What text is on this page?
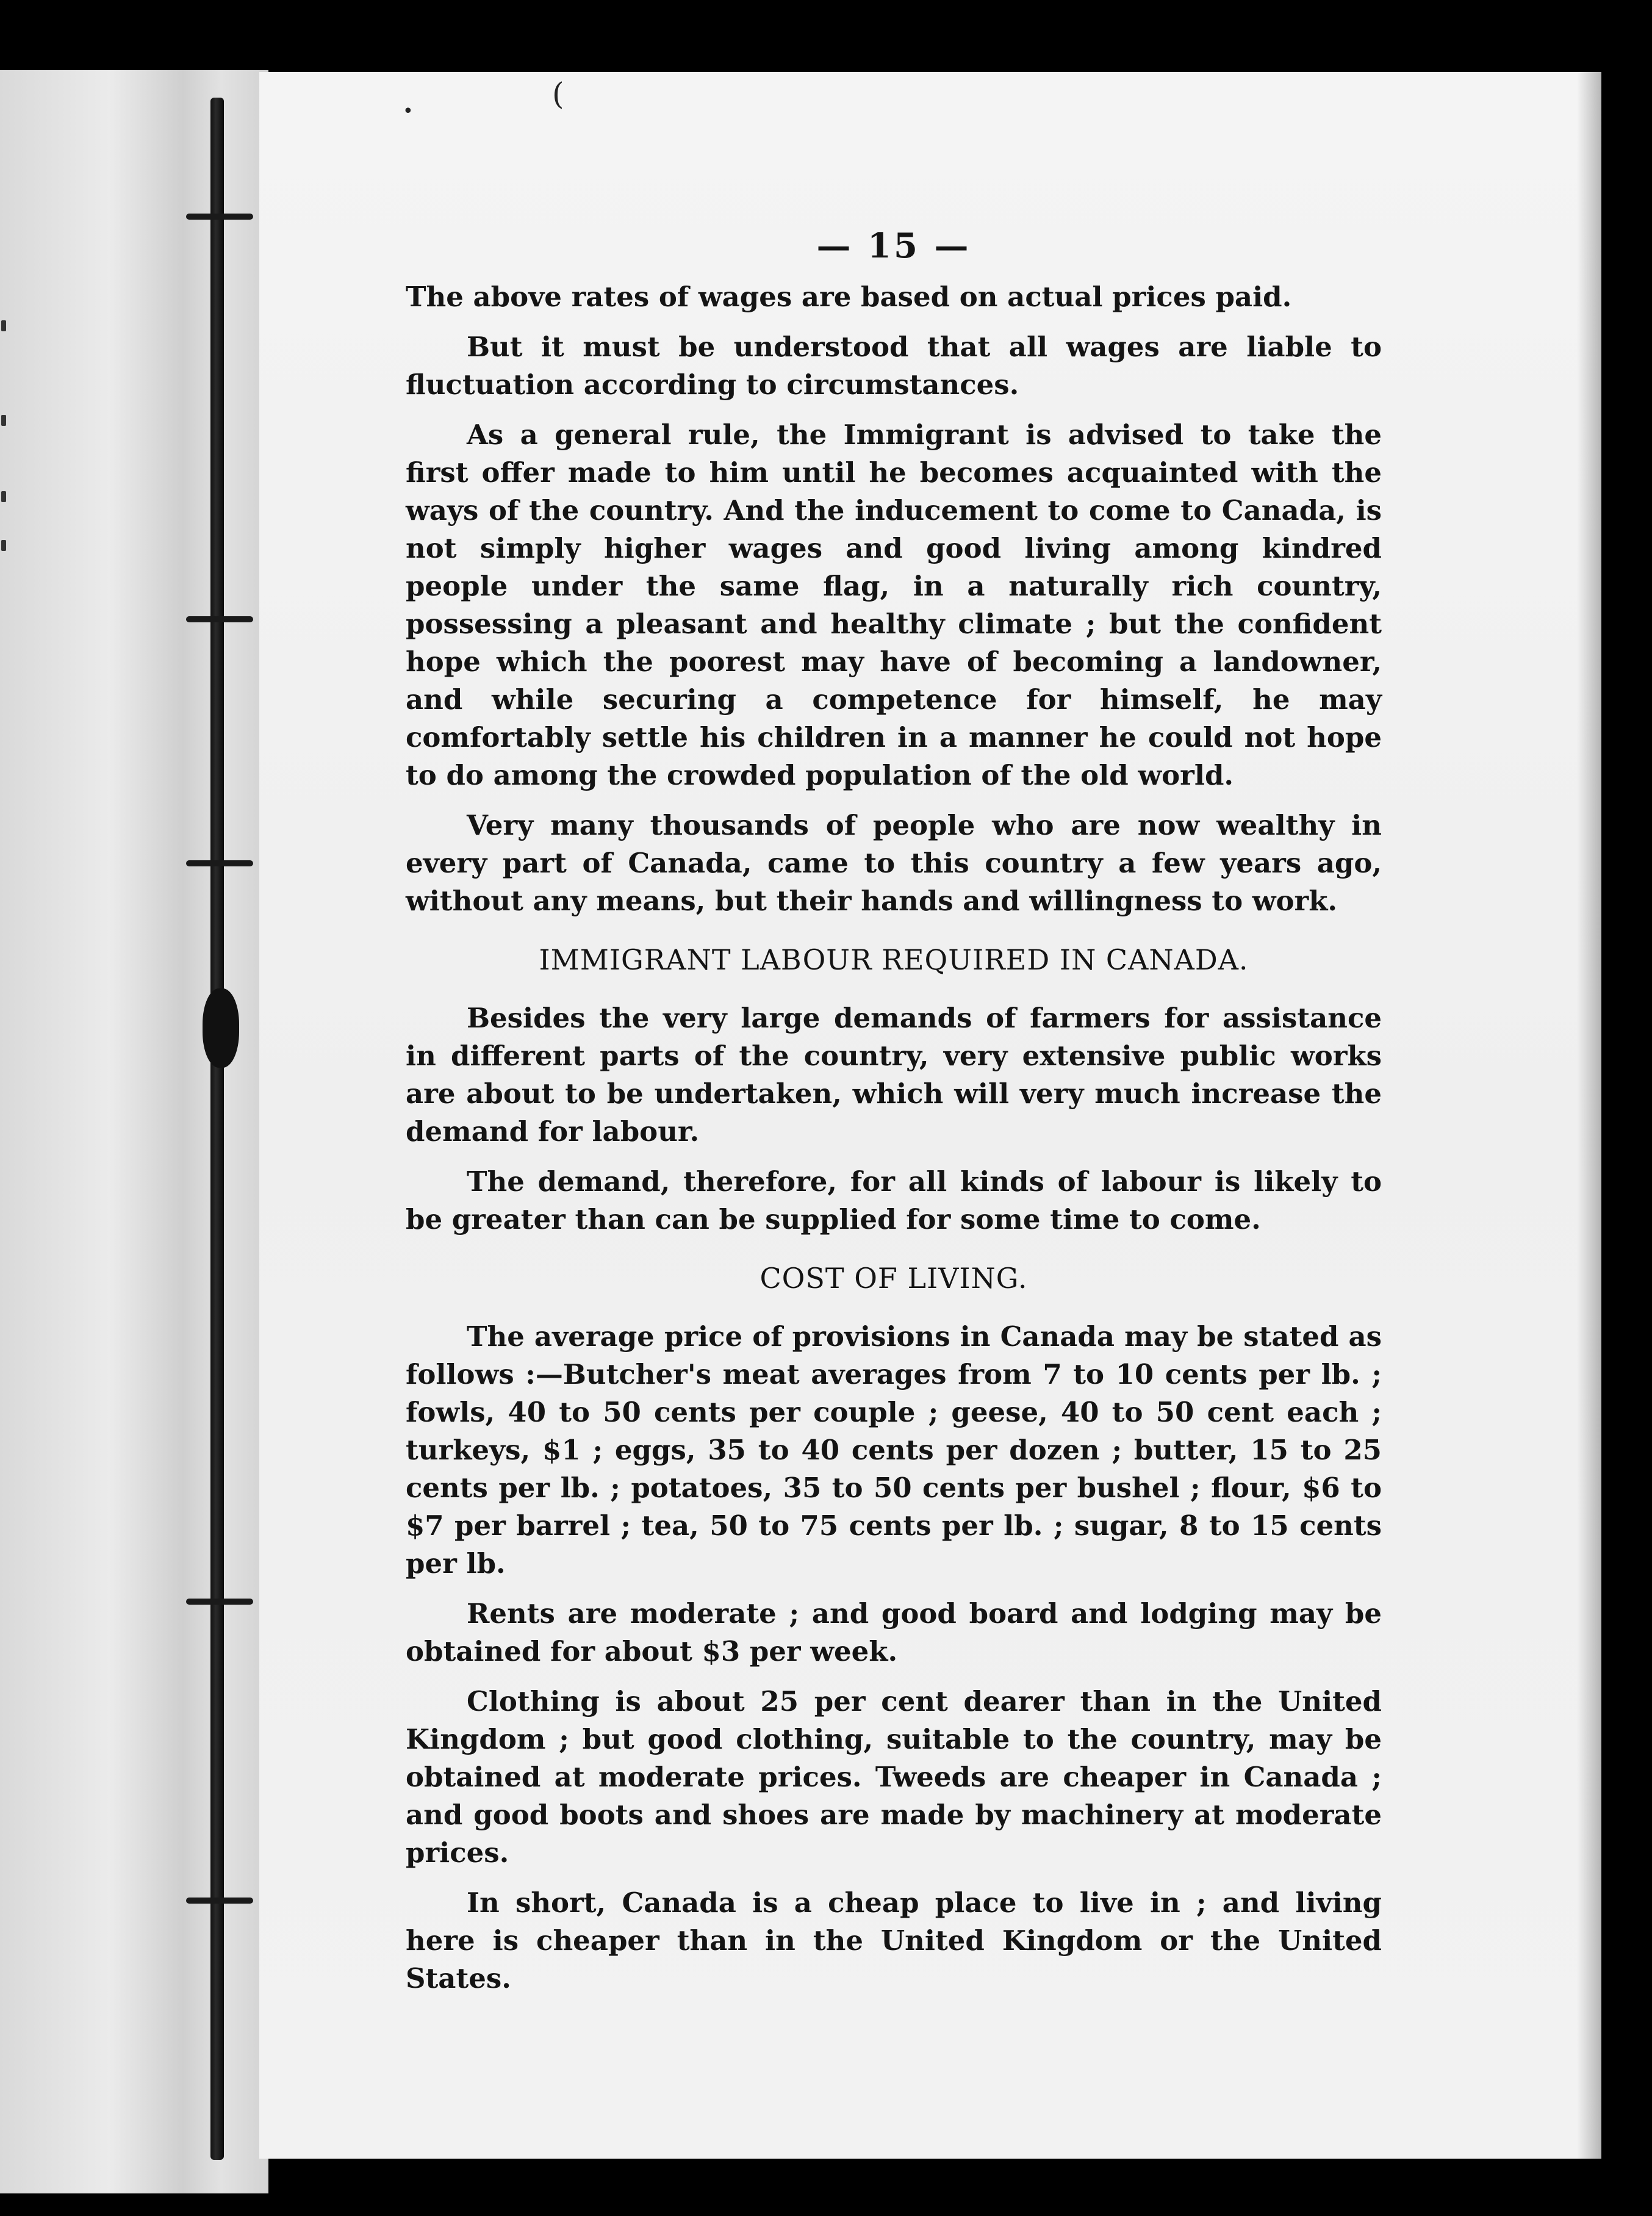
•	(
— 15 —

The above rates of wages are based on actual prices paid.

But it must be understood that all wages are liable to fluctuation according to circumstances.

As a general rule, the Immigrant is advised to take the first offer made to him until he becomes acquainted with the ways of the country. And the inducement to come to Canada, is not simply higher wages and good living among kindred people under the same flag, in a naturally rich country, possessing a pleasant and healthy climate ; but the confident hope which the poorest may have of becoming a landowner, and while securing a competence for himself, he may comfortably settle his children in a manner he could not hope to do among the crowded population of the old world.

Very many thousands of people who are now wealthy in every part of Canada, came to this country a few years ago, without any means, but their hands and willingness to work.

IMMIGRANT LABOUR REQUIRED IN CANADA.

Besides the very large demands of farmers for assistance in different parts of the country, very extensive public works are about to be undertaken, which will very much increase the demand for labour.

The demand, therefore, for all kinds of labour is likely to be greater than can be supplied for some time to come.

COST OF LIVING.

The average price of provisions in Canada may be stated as follows :—Butcher's meat averages from 7 to 10 cents per lb. ; fowls, 40 to 50 cents per couple ; geese, 40 to 50 cent each ; turkeys, $1 ; eggs, 35 to 40 cents per dozen ; butter, 15 to 25 cents per lb. ; potatoes, 35 to 50 cents per bushel ; flour, $6 to $7 per barrel ; tea, 50 to 75 cents per lb. ; sugar, 8 to 15 cents per lb.

Rents are moderate ; and good board and lodging may be obtained for about $3 per week.

Clothing is about 25 per cent dearer than in the United Kingdom ; but good clothing, suitable to the country, may be obtained at moderate prices. Tweeds are cheaper in Canada ; and good boots and shoes are made by machinery at moderate prices.

In short, Canada is a cheap place to live in ; and living here is cheaper than in the United Kingdom or the United States.
